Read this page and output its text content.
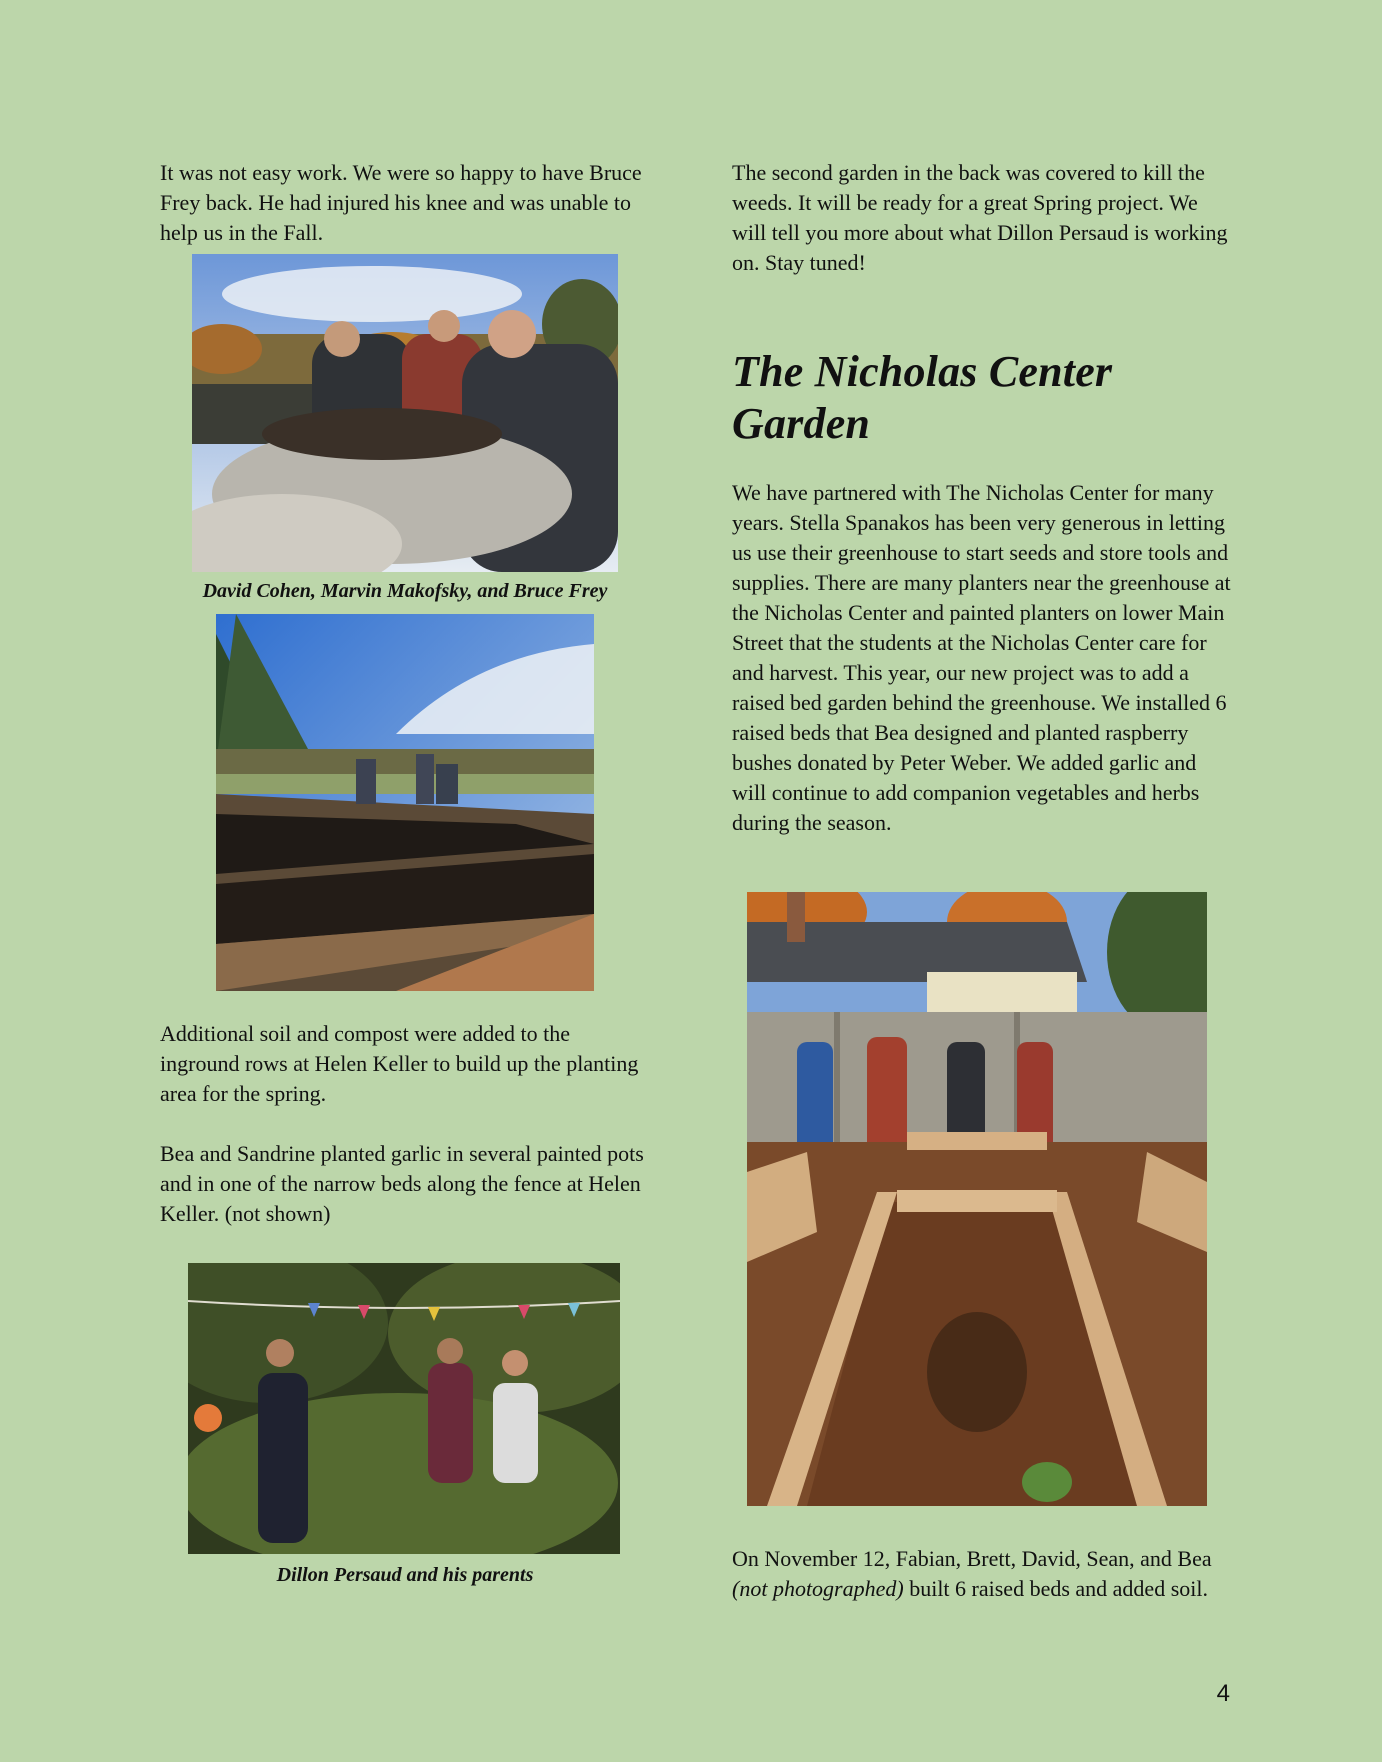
It was not easy work. We were so happy to have Bruce Frey back. He had injured his knee and was unable to help us in the Fall.

David Cohen, Marvin Makofsky, and Bruce Frey

Additional soil and compost were added to the inground rows at Helen Keller to build up the planting area for the spring.

Bea and Sandrine planted garlic in several painted pots and in one of the narrow beds along the fence at Helen Keller. (not shown)

Dillon Persaud and his parents

The second garden in the back was covered to kill the weeds. It will be ready for a great Spring project. We will tell you more about what Dillon Persaud is working on. Stay tuned!

The Nicholas Center Garden

We have partnered with The Nicholas Center for many years. Stella Spanakos has been very generous in letting us use their greenhouse to start seeds and store tools and supplies. There are many planters near the greenhouse at the Nicholas Center and painted planters on lower Main Street that the students at the Nicholas Center care for and harvest. This year, our new project was to add a raised bed garden behind the greenhouse. We installed 6 raised beds that Bea designed and planted raspberry bushes donated by Peter Weber. We added garlic and will continue to add companion vegetables and herbs during the season.

On November 12, Fabian, Brett, David, Sean, and Bea (not photographed) built 6 raised beds and added soil.

4
